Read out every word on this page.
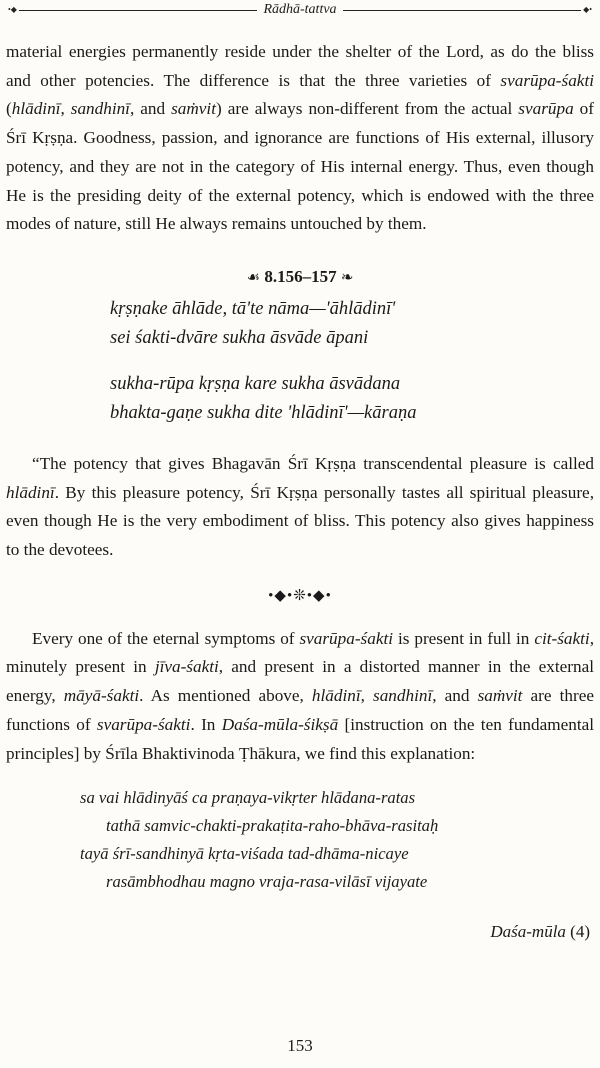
•◆	Rādhā-tattva	◆•

material energies permanently reside under the shelter of the Lord, as do the bliss and other potencies. The difference is that the three varieties of svarūpa-śakti (hlādinī, sandhinī, and saṁvit) are always non-different from the actual svarūpa of Śrī Kṛṣṇa. Goodness, passion, and ignorance are functions of His external, illusory potency, and they are not in the category of His internal energy. Thus, even though He is the presiding deity of the external potency, which is endowed with the three modes of nature, still He always remains untouched by them.

☙ 8.156–157 ❧
kṛṣṇake āhlāde, tā'te nāma—'āhlādinī'
sei śakti-dvāre sukha āsvāde āpani
sukha-rūpa kṛṣṇa kare sukha āsvādana
bhakta-gaṇe sukha dite 'hlādinī'—kāraṇa

“The potency that gives Bhagavān Śrī Kṛṣṇa transcendental pleasure is called hlādinī. By this pleasure potency, Śrī Kṛṣṇa personally tastes all spiritual pleasure, even though He is the very embodiment of bliss. This potency also gives happiness to the devotees.

•◆•❊•◆•

Every one of the eternal symptoms of svarūpa-śakti is present in full in cit-śakti, minutely present in jīva-śakti, and present in a distorted manner in the external energy, māyā-śakti. As mentioned above, hlādinī, sandhinī, and saṁvit are three functions of svarūpa-śakti. In Daśa-mūla-śikṣā [instruction on the ten fundamental principles] by Śrīla Bhaktivinoda Ṭhākura, we find this explanation:

sa vai hlādinyāś ca praṇaya-vikṛter hlādana-ratas
tathā samvic-chakti-prakaṭita-raho-bhāva-rasitaḥ
tayā śrī-sandhinyā kṛta-viśada tad-dhāma-nicaye
rasāmbhodhau magno vraja-rasa-vilāsī vijayate
Daśa-mūla (4)
153
